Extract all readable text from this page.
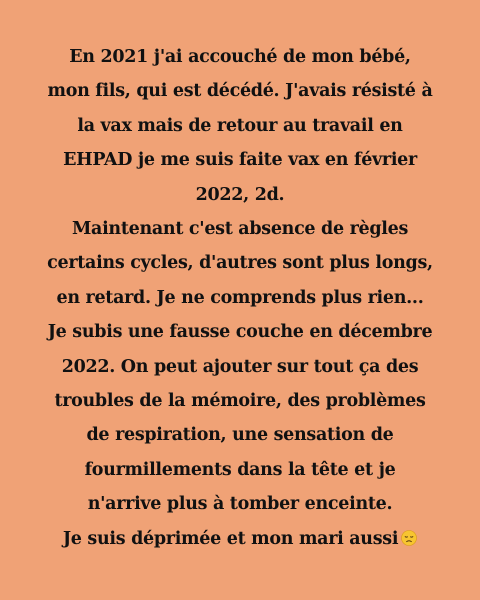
En 2021 j'ai accouché de mon bébé,
mon fils, qui est décédé. J'avais résisté à
la vax mais de retour au travail en
EHPAD je me suis faite vax en février
2022, 2d.
Maintenant c'est absence de règles
certains cycles, d'autres sont plus longs,
en retard. Je ne comprends plus rien...
Je subis une fausse couche en décembre
2022. On peut ajouter sur tout ça des
troubles de la mémoire, des problèmes
de respiration, une sensation de
fourmillements dans la tête et je
n'arrive plus à tomber enceinte.
Je suis déprimée et mon mari aussi
